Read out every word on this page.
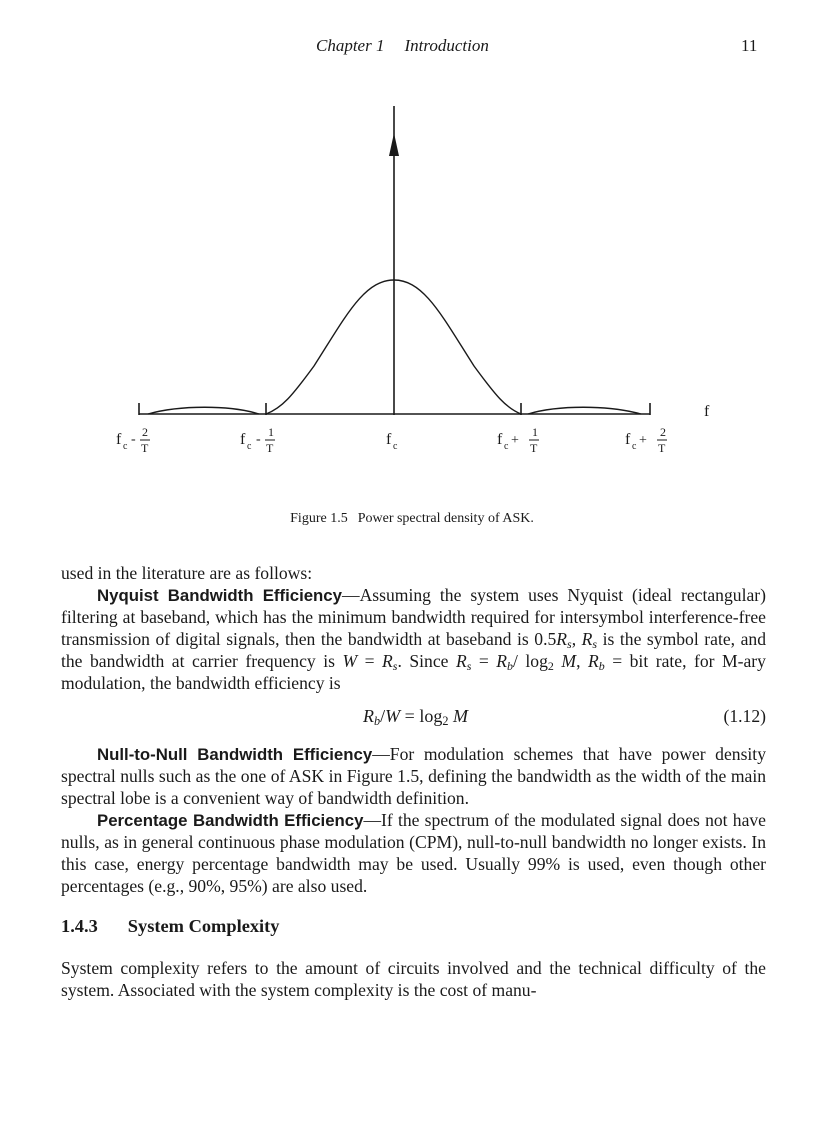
Chapter 1 Introduction	11
f
f c - 2
T	f c - 1
T	f c	f c +
1
T	f c +
2
T
Figure 1.5 Power spectral density of ASK.

used in the literature are as follows:

Nyquist Bandwidth Efficiency—Assuming the system uses Nyquist (ideal rectangular) filtering at baseband, which has the minimum bandwidth required for intersymbol interference-free transmission of digital signals, then the bandwidth at baseband is $0.5R_s$, $R_s$ is the symbol rate, and the bandwidth at carrier frequency is $W = R_s$. Since $R_s = R_b/$ $\log_2 M$, $R_b$ = bit rate, for M-ary modulation, the bandwidth efficiency is

$R_b/W = \log_2 M$	(1.12)

Null-to-Null Bandwidth Efficiency—For modulation schemes that have power density spectral nulls such as the one of ASK in Figure 1.5, defining the bandwidth as the width of the main spectral lobe is a convenient way of bandwidth definition.

Percentage Bandwidth Efficiency—If the spectrum of the modulated signal does not have nulls, as in general continuous phase modulation (CPM), null-to-null bandwidth no longer exists. In this case, energy percentage bandwidth may be used. Usually 99% is used, even though other percentages (e.g., 90%, 95%) are also used.

1.4.3 System Complexity

System complexity refers to the amount of circuits involved and the technical difficulty of the system. Associated with the system complexity is the cost of manu-
